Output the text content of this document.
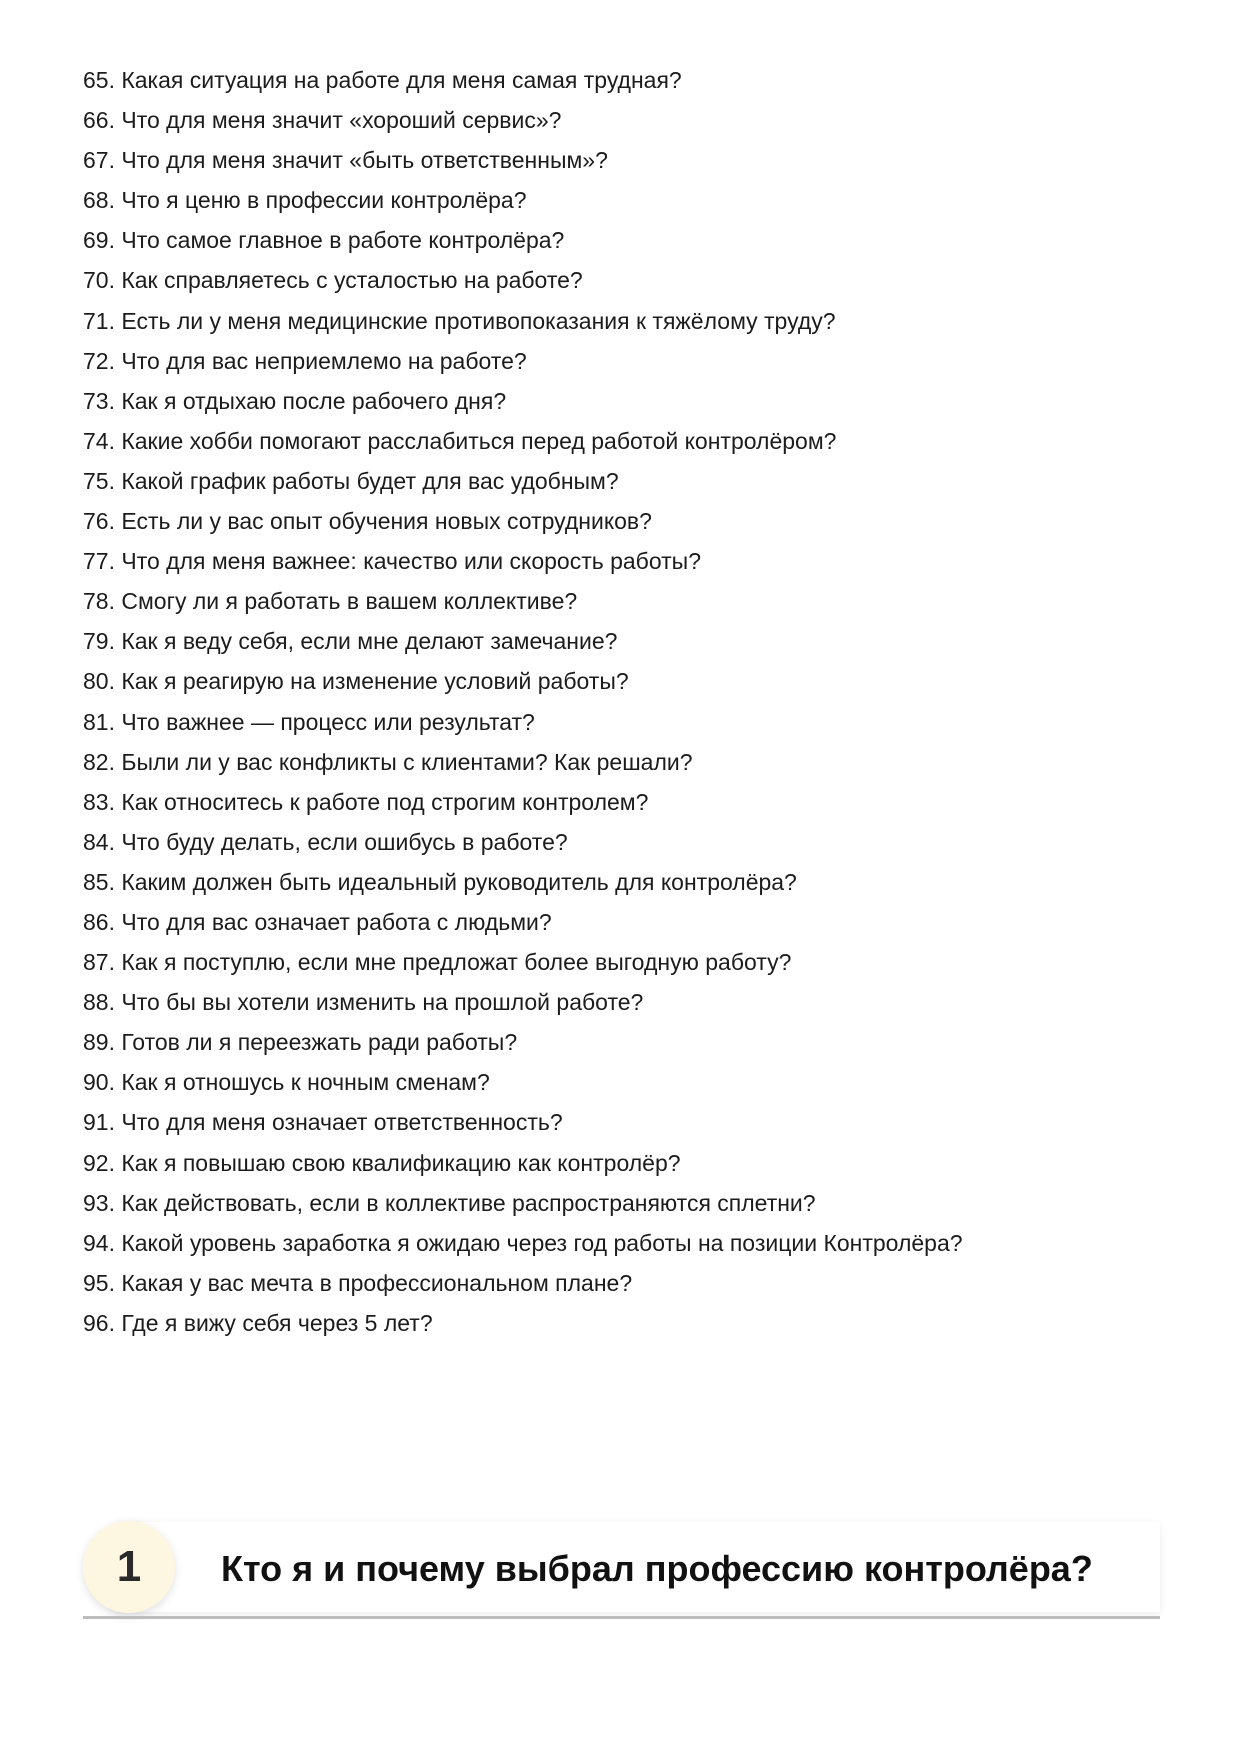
65. Какая ситуация на работе для меня самая трудная?
66. Что для меня значит «хороший сервис»?
67. Что для меня значит «быть ответственным»?
68. Что я ценю в профессии контролёра?
69. Что самое главное в работе контролёра?
70. Как справляетесь с усталостью на работе?
71. Есть ли у меня медицинские противопоказания к тяжёлому труду?
72. Что для вас неприемлемо на работе?
73. Как я отдыхаю после рабочего дня?
74. Какие хобби помогают расслабиться перед работой контролёром?
75. Какой график работы будет для вас удобным?
76. Есть ли у вас опыт обучения новых сотрудников?
77. Что для меня важнее: качество или скорость работы?
78. Смогу ли я работать в вашем коллективе?
79. Как я веду себя, если мне делают замечание?
80. Как я реагирую на изменение условий работы?
81. Что важнее — процесс или результат?
82. Были ли у вас конфликты с клиентами? Как решали?
83. Как относитесь к работе под строгим контролем?
84. Что буду делать, если ошибусь в работе?
85. Каким должен быть идеальный руководитель для контролёра?
86. Что для вас означает работа с людьми?
87. Как я поступлю, если мне предложат более выгодную работу?
88. Что бы вы хотели изменить на прошлой работе?
89. Готов ли я переезжать ради работы?
90. Как я отношусь к ночным сменам?
91. Что для меня означает ответственность?
92. Как я повышаю свою квалификацию как контролёр?
93. Как действовать, если в коллективе распространяются сплетни?
94. Какой уровень заработка я ожидаю через год работы на позиции Контролёра?
95. Какая у вас мечта в профессиональном плане?
96. Где я вижу себя через 5 лет?
1	Кто я и почему выбрал профессию контролёра?
